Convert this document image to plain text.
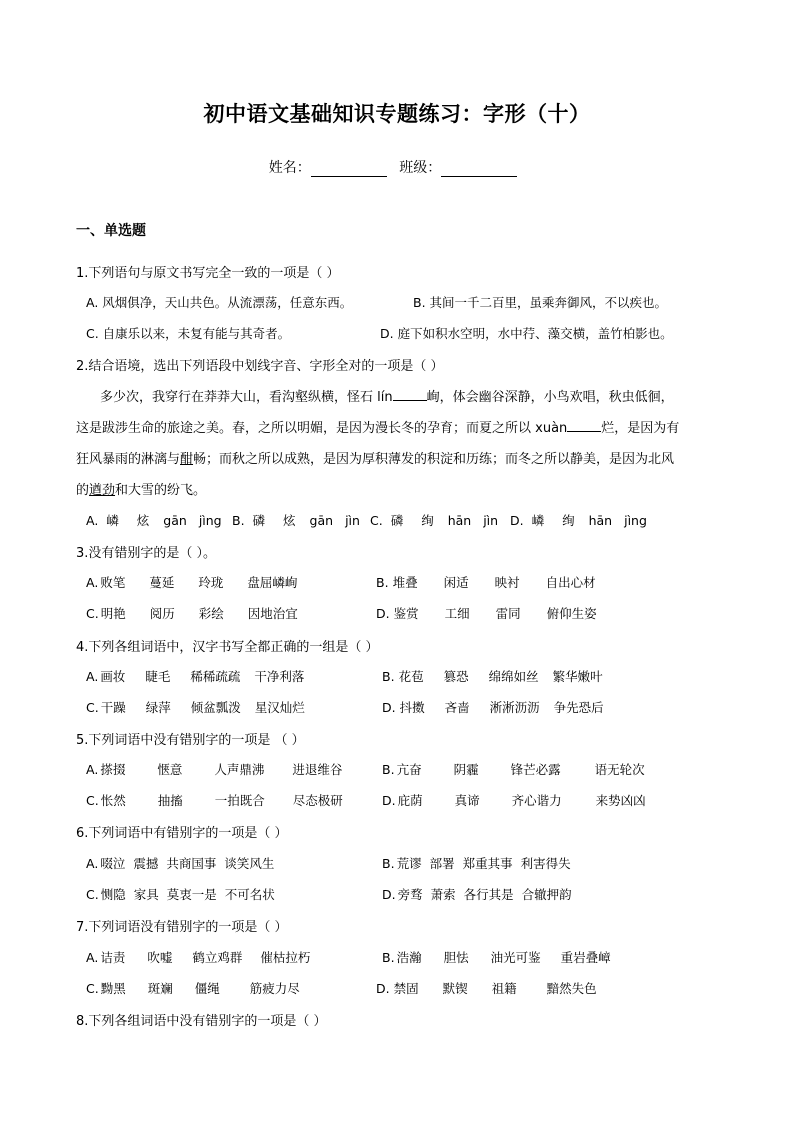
初中语文基础知识专题练习：字形（十）
姓名：	班级：
一、单选题
1.下列语句与原文书写完全一致的一项是（ ）
A. 风烟俱净，天山共色。从流漂荡，任意东西。	B. 其间一千二百里，虽乘奔御风，不以疾也。
C. 自康乐以来，未复有能与其奇者。	D. 庭下如积水空明，水中荇、藻交横，盖竹柏影也。
2.结合语境，选出下列语段中划线字音、字形全对的一项是（ ）
多少次，我穿行在莽莽大山，看沟壑纵横，怪石 lín	峋，体会幽谷深静，小鸟欢唱，秋虫低徊，
这是跋涉生命的旅途之美。春，之所以明媚，是因为漫长冬的孕育；而夏之所以 xuàn	烂，是因为有
狂风暴雨的淋漓与酣畅；而秋之所以成熟，是因为厚积薄发的积淀和历练；而冬之所以静美，是因为北风
的遒劲和大雪的纷飞。
A. 嶙 炫 gān jìng B. 磷 炫 gān jìn C. 磷 绚 hān jìn D. 嶙 绚 hān jìng
3.没有错别字的是（ ）。
A. 败笔 蔓延 玲珑 盘屈嶙峋	B. 堆叠 闲适 映衬 自出心材
C. 明艳 阅历 彩绘 因地治宜	D. 鉴赏 工细 雷同 俯仰生姿
4.下列各组词语中，汉字书写全都正确的一组是（ ）
A. 画妆 睫毛 稀稀疏疏 干净利落	B. 花苞 篡恐 绵绵如丝 繁华嫩叶
C. 干躁 绿萍 倾盆瓢泼 星汉灿烂	D. 抖擞 吝啬 淅淅沥沥 争先恐后
5.下列词语中没有错别字的一项是 （ ）
A. 搽掇	惬意	人声鼎沸 进退维谷	B. 亢奋	阴霾	锋芒必露	语无轮次
C. 怅然	抽搐	一拍既合 尽态极研	D. 庇荫	真谛	齐心谐力	来势凶凶
6.下列词语中有错别字的一项是（ ）
A. 啜泣 震撼 共商国事 谈笑风生	B. 荒谬 部署 郑重其事 利害得失
C. 恻隐 家具 莫衷一是 不可名状	D. 旁骛 萧索 各行其是 合辙押韵
7.下列词语没有错别字的一项是（ ）
A. 诘责 吹嘘 鹤立鸡群 催枯拉朽	B. 浩瀚 胆怯 油光可鉴 重岩叠嶂
C. 黝黑 斑斓 僵绳 筋疲力尽	D. 禁固 默锲 祖籍 黯然失色
8.下列各组词语中没有错别字的一项是（ ）
